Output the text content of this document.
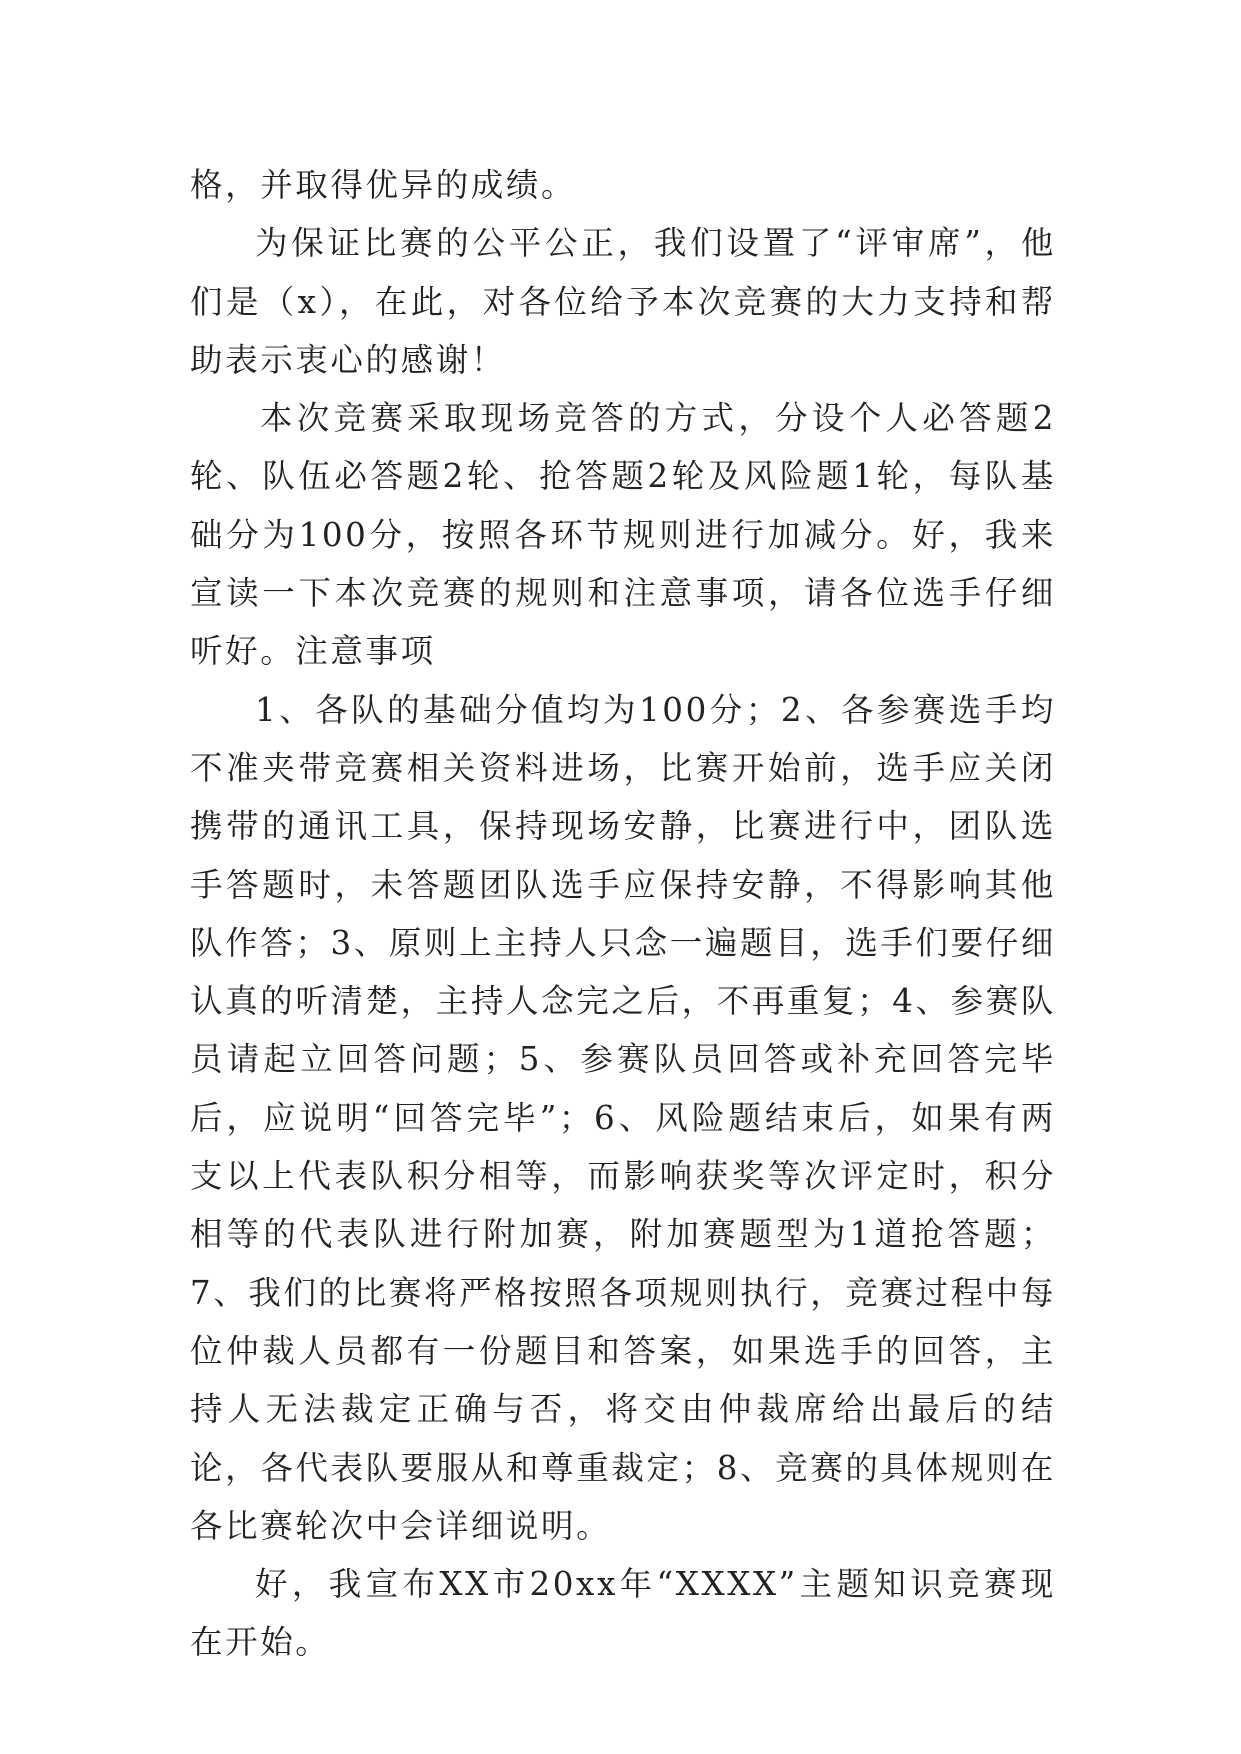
格，并取得优异的成绩。

为保证比赛的公平公正，我们设置了“评审席”，他们是（x），在此，对各位给予本次竞赛的大力支持和帮助表示衷心的感谢！

本次竞赛采取现场竞答的方式，分设个人必答题2轮、队伍必答题2轮、抢答题2轮及风险题1轮，每队基础分为100分，按照各环节规则进行加减分。好，我来宣读一下本次竞赛的规则和注意事项，请各位选手仔细听好。注意事项

1、各队的基础分值均为100分；2、各参赛选手均不准夹带竞赛相关资料进场，比赛开始前，选手应关闭携带的通讯工具，保持现场安静，比赛进行中，团队选手答题时，未答题团队选手应保持安静，不得影响其他队作答；3、原则上主持人只念一遍题目，选手们要仔细认真的听清楚，主持人念完之后，不再重复；4、参赛队员请起立回答问题；5、参赛队员回答或补充回答完毕后，应说明“回答完毕”；6、风险题结束后，如果有两支以上代表队积分相等，而影响获奖等次评定时，积分相等的代表队进行附加赛，附加赛题型为1道抢答题；7、我们的比赛将严格按照各项规则执行，竞赛过程中每位仲裁人员都有一份题目和答案，如果选手的回答，主持人无法裁定正确与否，将交由仲裁席给出最后的结论，各代表队要服从和尊重裁定；8、竞赛的具体规则在各比赛轮次中会详细说明。

好，我宣布XX市20xx年“XXXX”主题知识竞赛现在开始。
